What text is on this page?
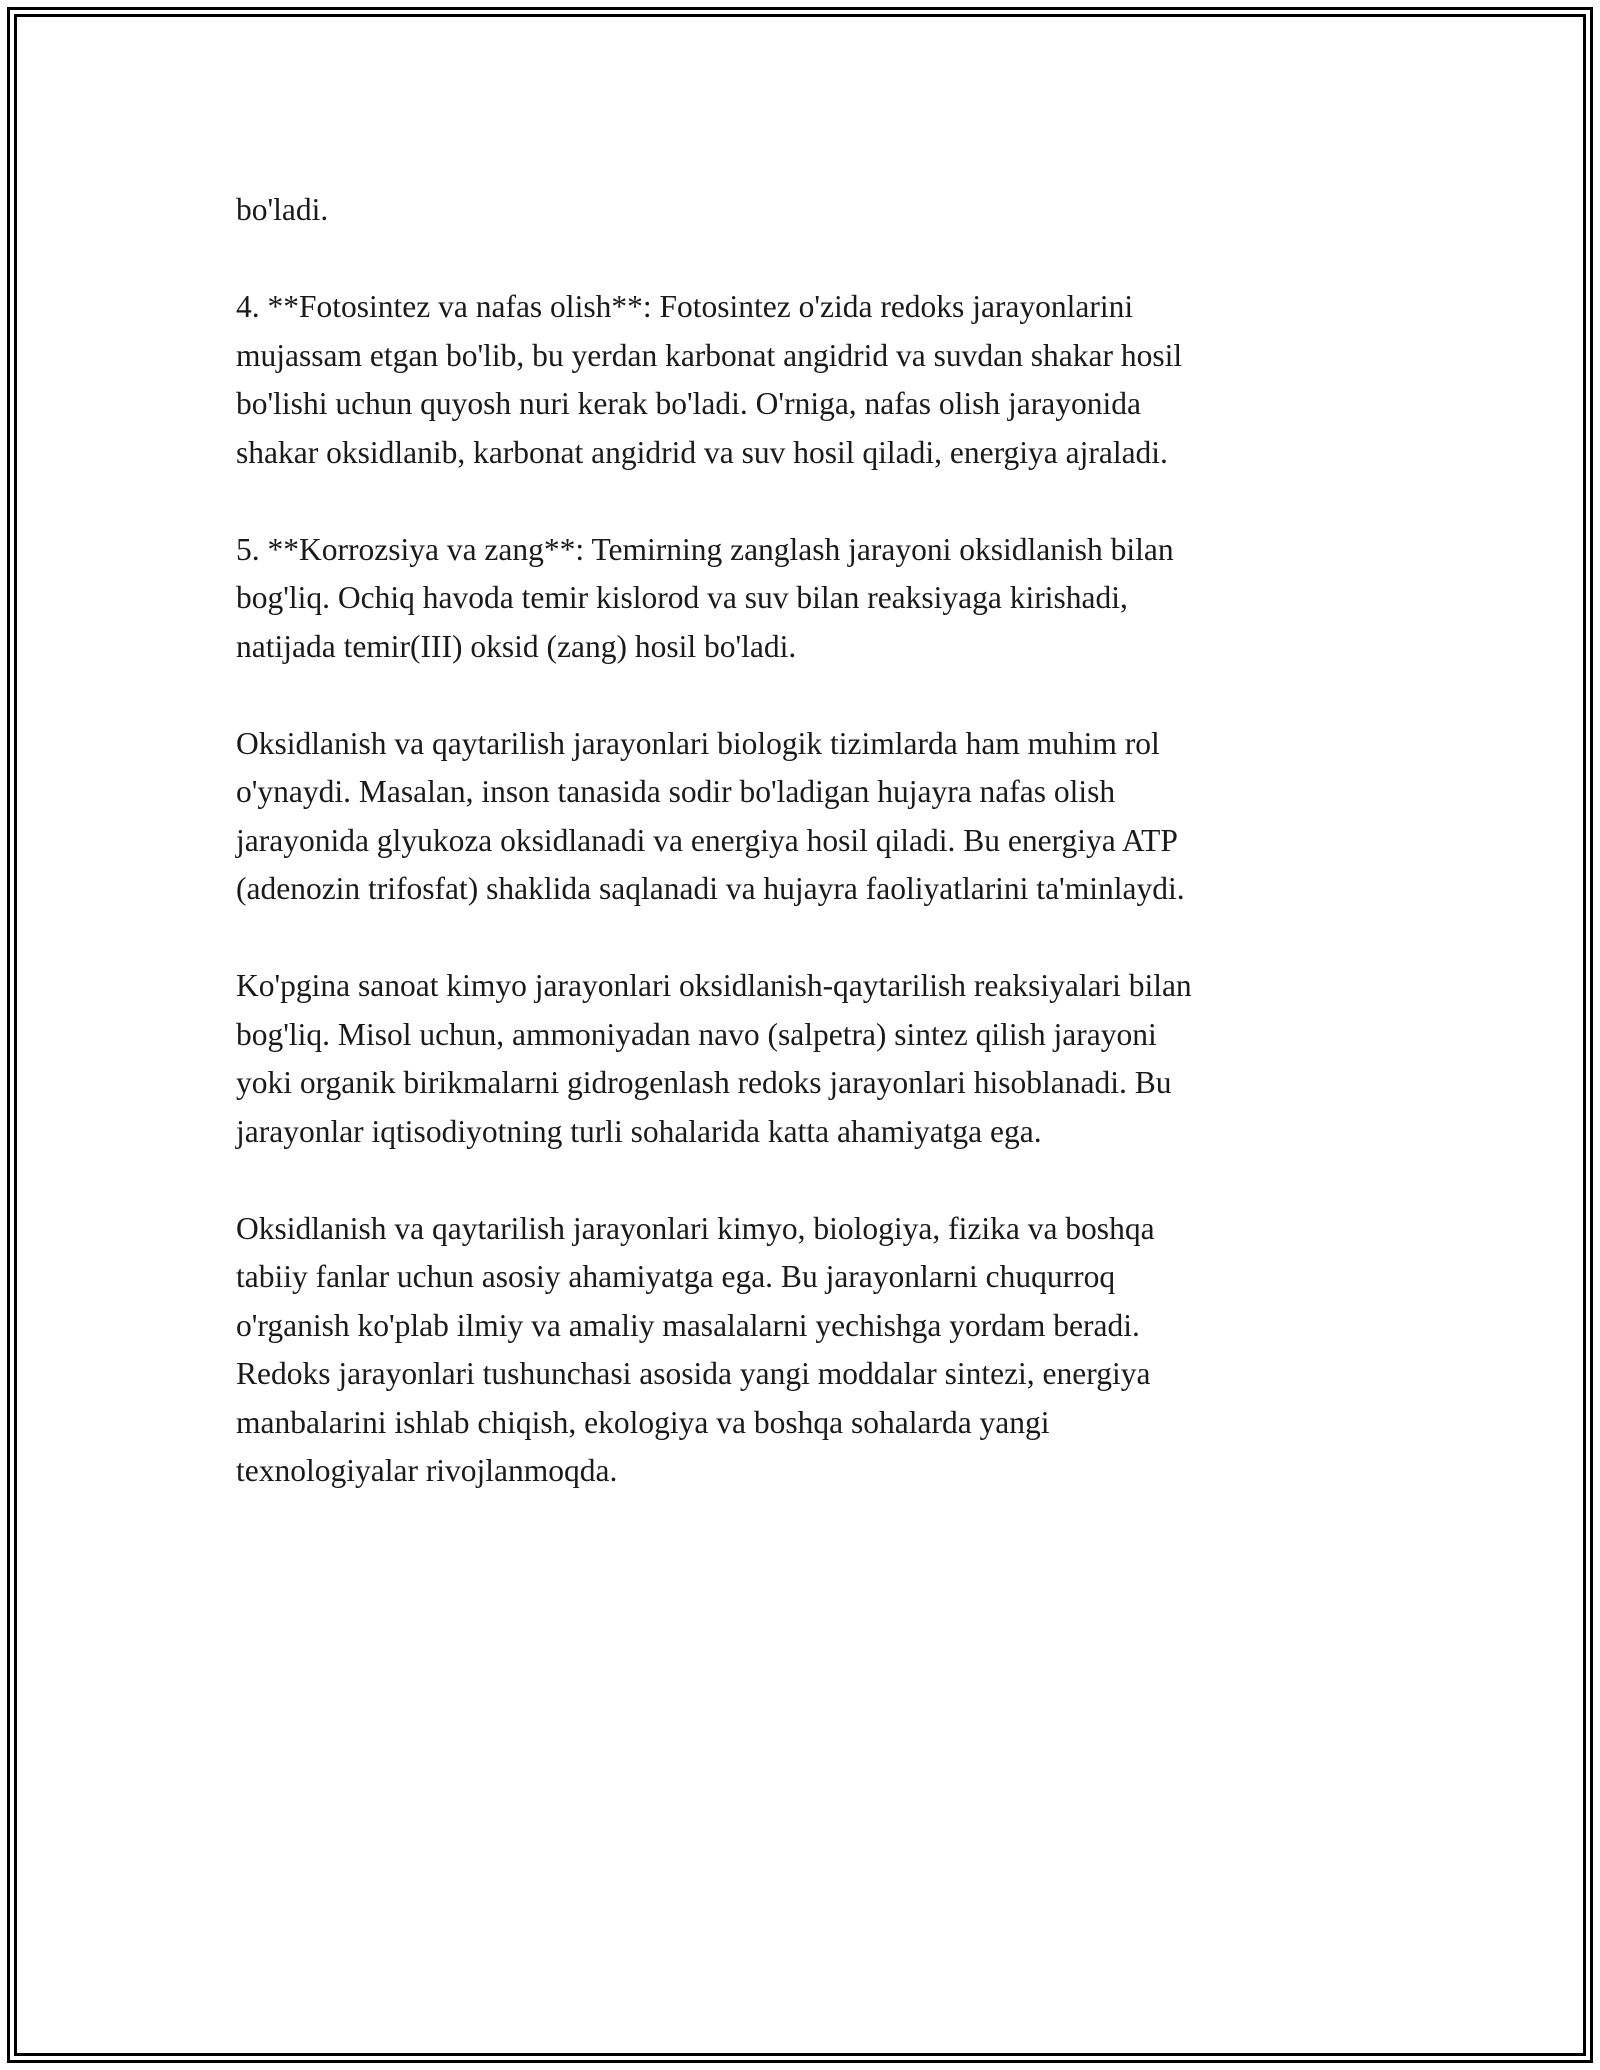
bo'ladi.

4. **Fotosintez va nafas olish**: Fotosintez o'zida redoks jarayonlarini
mujassam etgan bo'lib, bu yerdan karbonat angidrid va suvdan shakar hosil
bo'lishi uchun quyosh nuri kerak bo'ladi. O'rniga, nafas olish jarayonida
shakar oksidlanib, karbonat angidrid va suv hosil qiladi, energiya ajraladi.

5. **Korrozsiya va zang**: Temirning zanglash jarayoni oksidlanish bilan
bog'liq. Ochiq havoda temir kislorod va suv bilan reaksiyaga kirishadi,
natijada temir(III) oksid (zang) hosil bo'ladi.

Oksidlanish va qaytarilish jarayonlari biologik tizimlarda ham muhim rol
o'ynaydi. Masalan, inson tanasida sodir bo'ladigan hujayra nafas olish
jarayonida glyukoza oksidlanadi va energiya hosil qiladi. Bu energiya ATP
(adenozin trifosfat) shaklida saqlanadi va hujayra faoliyatlarini ta'minlaydi.

Ko'pgina sanoat kimyo jarayonlari oksidlanish-qaytarilish reaksiyalari bilan
bog'liq. Misol uchun, ammoniyadan navo (salpetra) sintez qilish jarayoni
yoki organik birikmalarni gidrogenlash redoks jarayonlari hisoblanadi. Bu
jarayonlar iqtisodiyotning turli sohalarida katta ahamiyatga ega.

Oksidlanish va qaytarilish jarayonlari kimyo, biologiya, fizika va boshqa
tabiiy fanlar uchun asosiy ahamiyatga ega. Bu jarayonlarni chuqurroq
o'rganish ko'plab ilmiy va amaliy masalalarni yechishga yordam beradi.
Redoks jarayonlari tushunchasi asosida yangi moddalar sintezi, energiya
manbalarini ishlab chiqish, ekologiya va boshqa sohalarda yangi
texnologiyalar rivojlanmoqda.
